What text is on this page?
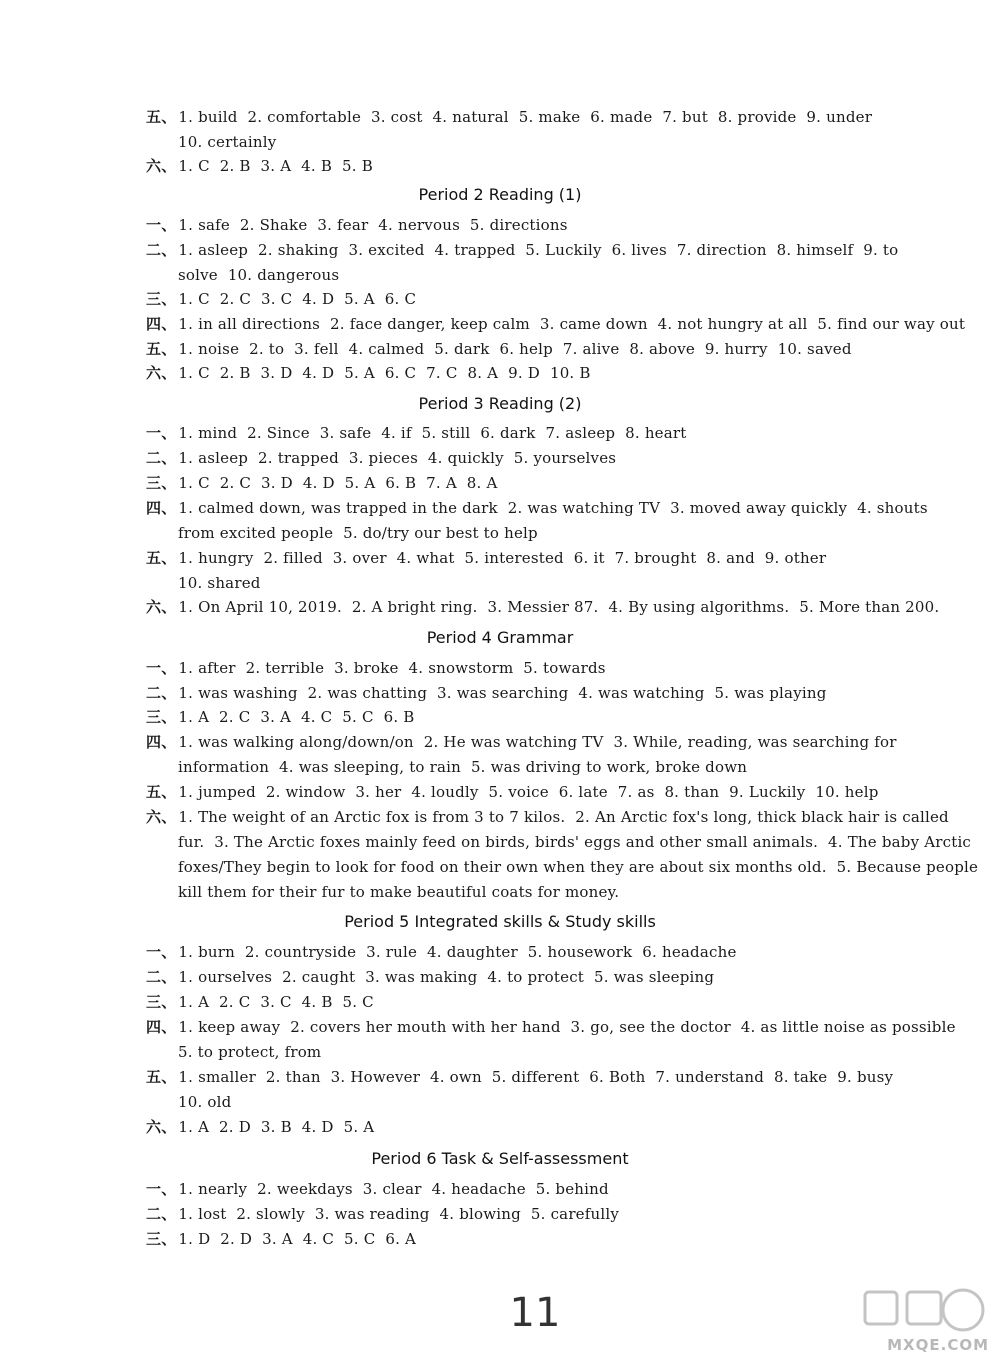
五、 1. build  2. comfortable  3. cost  4. natural  5. make  6. made  7. but  8. provide  9. under
10. certainly
六、 1. C  2. B  3. A  4. B  5. B
Period 2 Reading (1)
一、 1. safe  2. Shake  3. fear  4. nervous  5. directions
二、 1. asleep  2. shaking  3. excited  4. trapped  5. Luckily  6. lives  7. direction  8. himself  9. to
solve  10. dangerous
三、 1. C  2. C  3. C  4. D  5. A  6. C
四、 1. in all directions  2. face danger, keep calm  3. came down  4. not hungry at all  5. find our way out
五、 1. noise  2. to  3. fell  4. calmed  5. dark  6. help  7. alive  8. above  9. hurry  10. saved
六、 1. C  2. B  3. D  4. D  5. A  6. C  7. C  8. A  9. D  10. B
Period 3 Reading (2)
一、 1. mind  2. Since  3. safe  4. if  5. still  6. dark  7. asleep  8. heart
二、 1. asleep  2. trapped  3. pieces  4. quickly  5. yourselves
三、 1. C  2. C  3. D  4. D  5. A  6. B  7. A  8. A
四、 1. calmed down, was trapped in the dark  2. was watching TV  3. moved away quickly  4. shouts
from excited people  5. do/try our best to help
五、 1. hungry  2. filled  3. over  4. what  5. interested  6. it  7. brought  8. and  9. other
10. shared
六、 1. On April 10, 2019.  2. A bright ring.  3. Messier 87.  4. By using algorithms.  5. More than 200.
Period 4 Grammar
一、 1. after  2. terrible  3. broke  4. snowstorm  5. towards
二、 1. was washing  2. was chatting  3. was searching  4. was watching  5. was playing
三、 1. A  2. C  3. A  4. C  5. C  6. B
四、 1. was walking along/down/on  2. He was watching TV  3. While, reading, was searching for
information  4. was sleeping, to rain  5. was driving to work, broke down
五、 1. jumped  2. window  3. her  4. loudly  5. voice  6. late  7. as  8. than  9. Luckily  10. help
六、 1. The weight of an Arctic fox is from 3 to 7 kilos.  2. An Arctic fox's long, thick black hair is called
fur.  3. The Arctic foxes mainly feed on birds, birds' eggs and other small animals.  4. The baby Arctic
foxes/They begin to look for food on their own when they are about six months old.  5. Because people
kill them for their fur to make beautiful coats for money.
Period 5 Integrated skills & Study skills
一、 1. burn  2. countryside  3. rule  4. daughter  5. housework  6. headache
二、 1. ourselves  2. caught  3. was making  4. to protect  5. was sleeping
三、 1. A  2. C  3. C  4. B  5. C
四、 1. keep away  2. covers her mouth with her hand  3. go, see the doctor  4. as little noise as possible
5. to protect, from
五、 1. smaller  2. than  3. However  4. own  5. different  6. Both  7. understand  8. take  9. busy
10. old
六、 1. A  2. D  3. B  4. D  5. A
Period 6 Task & Self-assessment
一、 1. nearly  2. weekdays  3. clear  4. headache  5. behind
二、 1. lost  2. slowly  3. was reading  4. blowing  5. carefully
三、 1. D  2. D  3. A  4. C  5. C  6. A
11
MXQE.COM
